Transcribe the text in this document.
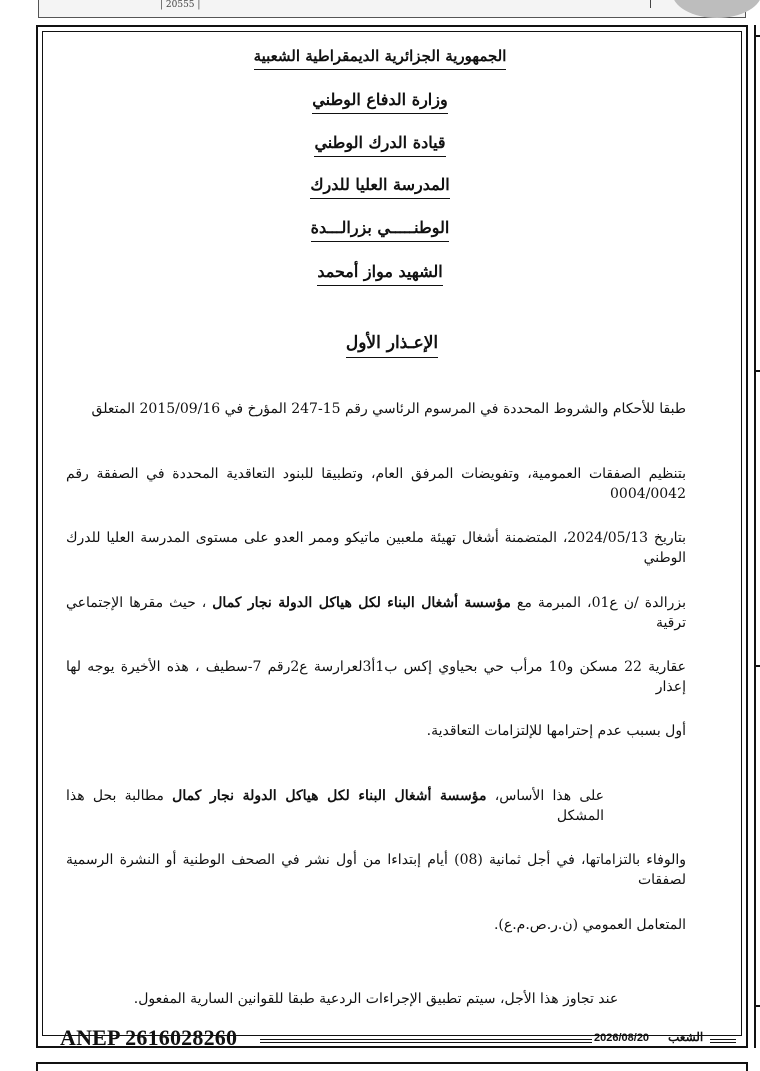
| 20555 |
الجمهورية الجزائرية الديمقراطية الشعبية
وزارة الدفاع الوطني
قيادة الدرك الوطني
المدرسة العليا للدرك
الوطنـــــي بزرالـــدة
الشهيد مواز أمحمد
الإعـذار الأول
طبقا للأحكام والشروط المحددة في المرسوم الرئاسي رقم 15-247 المؤرخ في 2015/09/16 المتعلق
بتنظيم الصفقات العمومية، وتفويضات المرفق العام، وتطبيقا للبنود التعاقدية المحددة في الصفقة رقم 0004/0042
بتاريخ 2024/05/13، المتضمنة أشغال تهيئة ملعبين ماتيكو وممر العدو على مستوى المدرسة العليا للدرك الوطني
بزرالدة /ن ع01، المبرمة مع مؤسسة أشغال البناء لكل هياكل الدولة نجار كمال ، حيث مقرها الإجتماعي ترقية
عقارية 22 مسكن و10 مرأب حي بحياوي إكس ب1أ3لعرارسة ع2رقم 7-سطيف ، هذه الأخيرة يوجه لها إعذار
أول بسبب عدم إحترامها للإلتزامات التعاقدية.
على هذا الأساس، مؤسسة أشغال البناء لكل هياكل الدولة نجار كمال مطالبة بحل هذا المشكل
والوفاء بالتزاماتها، في أجل ثمانية (08) أيام إبتداءا من أول نشر في الصحف الوطنية أو النشرة الرسمية لصفقات
المتعامل العمومي (ن.ر.ص.م.ع).
عند تجاوز هذا الأجل، سيتم تطبيق الإجراءات الردعية طبقا للقوانين السارية المفعول.
ANEP 2616028260	2026/08/20 الشعب
